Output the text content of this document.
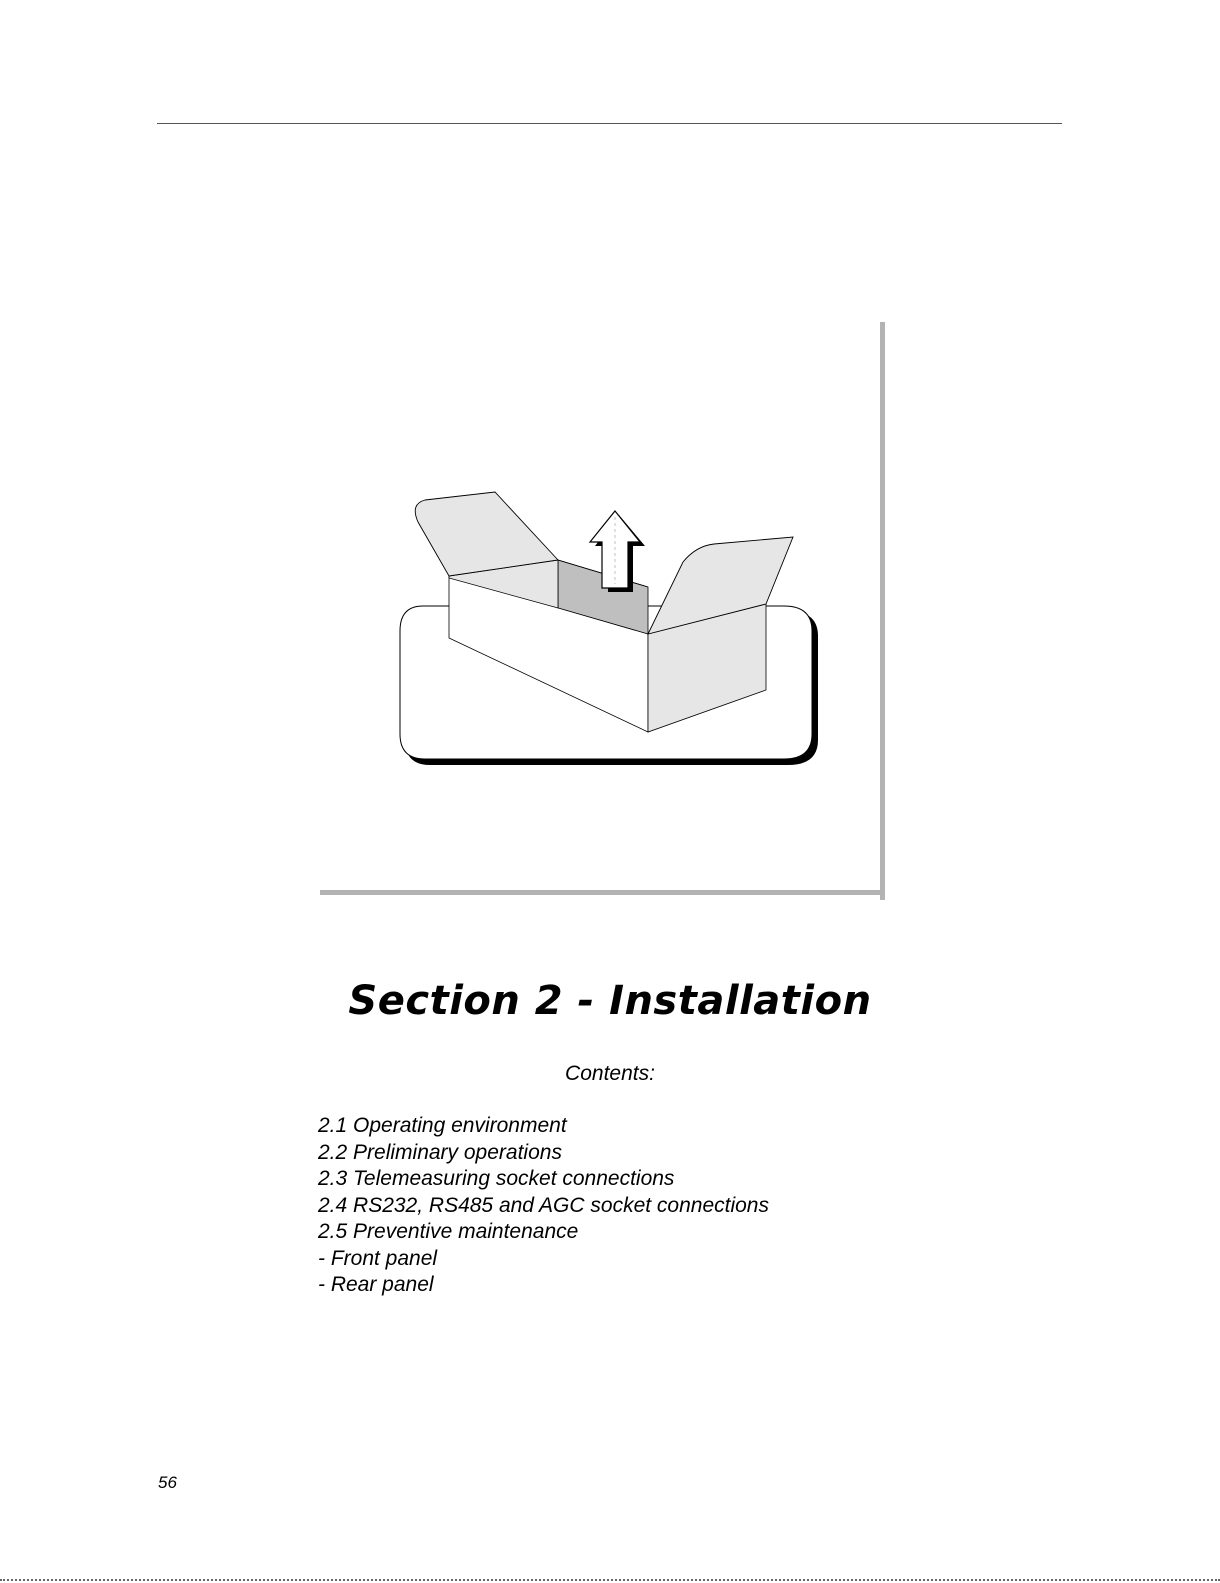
Section 2 - Installation

Contents:

2.1 Operating environment
2.2 Preliminary operations
2.3 Telemeasuring socket connections
2.4 RS232, RS485 and AGC socket connections
2.5 Preventive maintenance
- Front panel
- Rear panel
56
